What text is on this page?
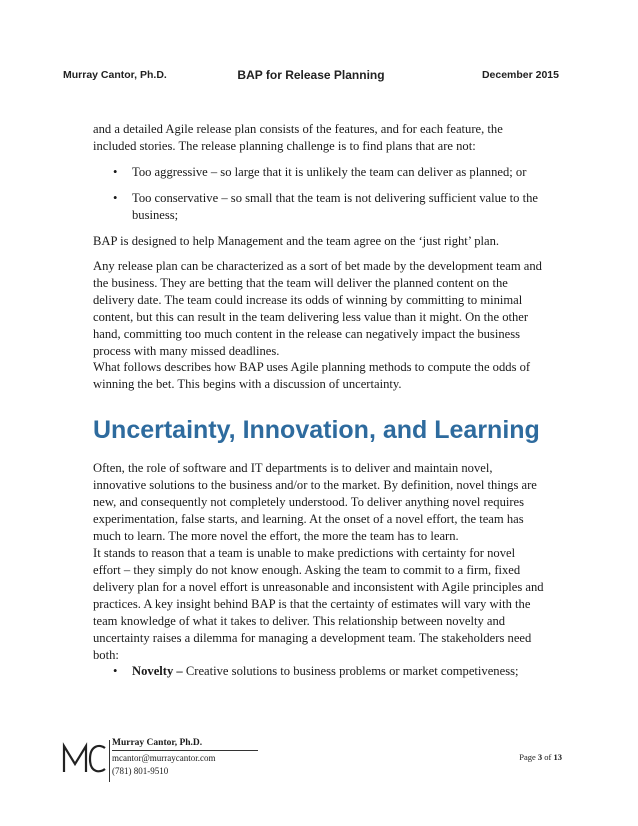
Murray Cantor, Ph.D.	BAP for Release Planning	December 2015

and a detailed Agile release plan consists of the features, and for each feature, the included stories. The release planning challenge is to find plans that are not:

• Too aggressive – so large that it is unlikely the team can deliver as planned; or
• Too conservative – so small that the team is not delivering sufficient value to the business;

BAP is designed to help Management and the team agree on the ‘just right’ plan.

Any release plan can be characterized as a sort of bet made by the development team and the business. They are betting that the team will deliver the planned content on the delivery date. The team could increase its odds of winning by committing to minimal content, but this can result in the team delivering less value than it might. On the other hand, committing too much content in the release can negatively impact the business process with many missed deadlines.

What follows describes how BAP uses Agile planning methods to compute the odds of winning the bet. This begins with a discussion of uncertainty.

Uncertainty, Innovation, and Learning

Often, the role of software and IT departments is to deliver and maintain novel, innovative solutions to the business and/or to the market. By definition, novel things are new, and consequently not completely understood. To deliver anything novel requires experimentation, false starts, and learning. At the onset of a novel effort, the team has much to learn. The more novel the effort, the more the team has to learn.

It stands to reason that a team is unable to make predictions with certainty for novel effort – they simply do not know enough. Asking the team to commit to a firm, fixed delivery plan for a novel effort is unreasonable and inconsistent with Agile principles and practices. A key insight behind BAP is that the certainty of estimates will vary with the team knowledge of what it takes to deliver. This relationship between novelty and uncertainty raises a dilemma for managing a development team. The stakeholders need both:

• Novelty – Creative solutions to business problems or market competiveness;
Murray Cantor, Ph.D.
mcantor@murraycantor.com
(781) 801-9510
Page 3 of 13
